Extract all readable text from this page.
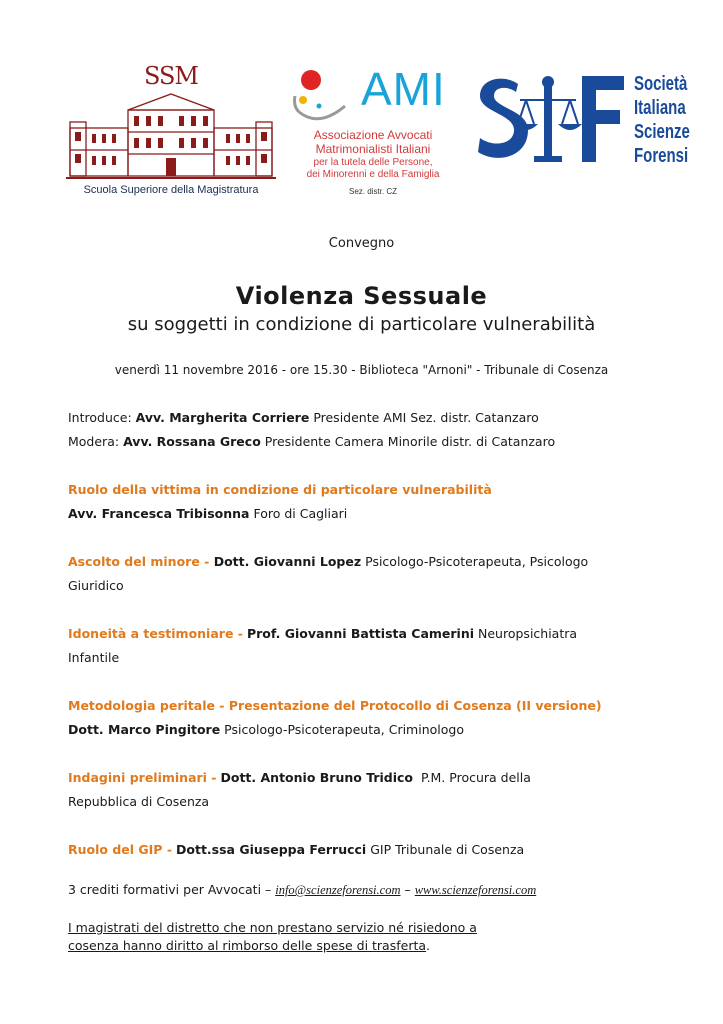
SSM
Scuola Superiore della Magistratura
AMI
Associazione Avvocati
Matrimonialisti Italiani
per la tutela delle Persone,
dei Minorenni e della Famiglia
Sez. distr. CZ
Società
Italiana
Scienze
Forensi
Convegno
Violenza Sessuale
su soggetti in condizione di particolare vulnerabilità
venerdì 11 novembre 2016 - ore 15.30 - Biblioteca "Arnoni" - Tribunale di Cosenza
Introduce: Avv. Margherita Corriere Presidente AMI Sez. distr. Catanzaro
Modera: Avv. Rossana Greco Presidente Camera Minorile distr. di Catanzaro
Ruolo della vittima in condizione di particolare vulnerabilità
Avv. Francesca Tribisonna Foro di Cagliari
Ascolto del minore - Dott. Giovanni Lopez Psicologo-Psicoterapeuta, Psicologo
Giuridico
Idoneità a testimoniare - Prof. Giovanni Battista Camerini Neuropsichiatra
Infantile
Metodologia peritale - Presentazione del Protocollo di Cosenza (II versione)
Dott. Marco Pingitore Psicologo-Psicoterapeuta, Criminologo
Indagini preliminari - Dott. Antonio Bruno Tridico  P.M. Procura della
Repubblica di Cosenza
Ruolo del GIP - Dott.ssa Giuseppa Ferrucci GIP Tribunale di Cosenza
3 crediti formativi per Avvocati – info@scienzeforensi.com – www.scienzeforensi.com
I magistrati del distretto che non prestano servizio né risiedono a
cosenza hanno diritto al rimborso delle spese di trasferta.
